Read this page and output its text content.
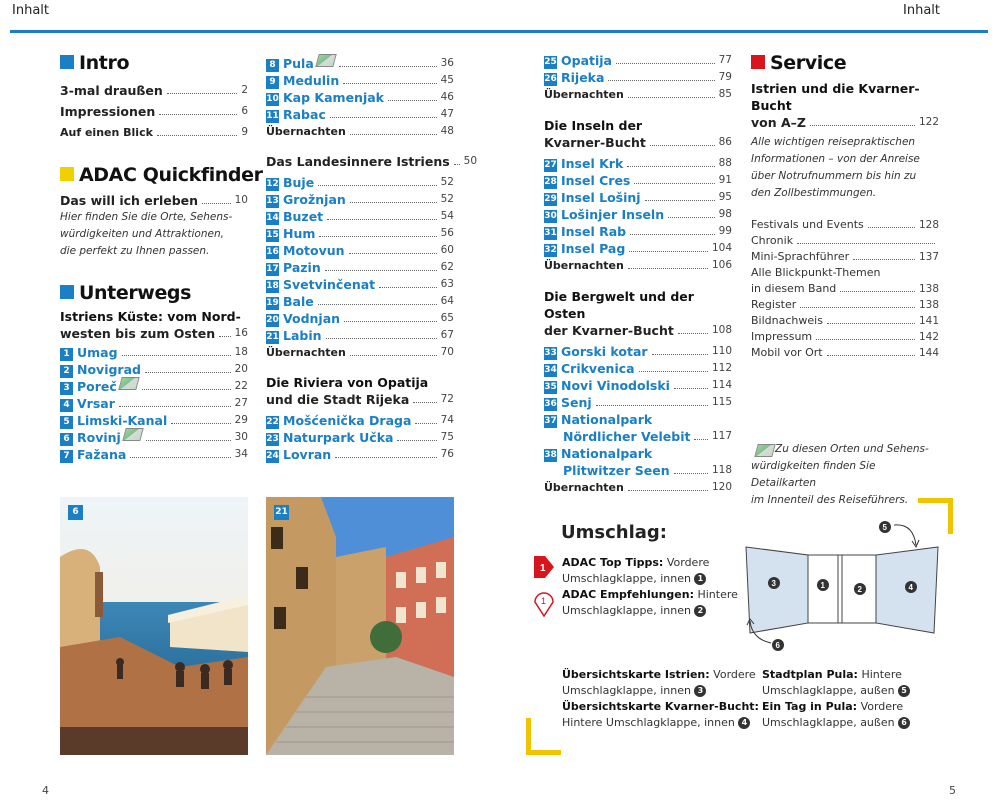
Inhalt	Inhalt
Intro
3-mal draußen	2
Impressionen	6
Auf einen Blick	9
ADAC Quickfinder
Das will ich erleben	10
Hier finden Sie die Orte, Sehens-
würdigkeiten und Attraktionen,
die perfekt zu Ihnen passen.
Unterwegs
Istriens Küste: vom Nord-
westen bis zum Osten 16
1 Umag	18
2 Novigrad	20
3 Poreč	22
4 Vrsar	27
5 Limski-Kanal	29
6 Rovinj	30
7 Fažana	34
8 Pula	36
9 Medulin	45
10 Kap Kamenjak	46
11 Rabac	47
Übernachten	48
Das Landesinnere Istriens 50
12 Buje	52
13 Grožnjan	52
14 Buzet	54
15 Hum	56
16 Motovun	60
17 Pazin	62
18 Svetvinčenat	63
19 Bale	64
20 Vodnjan	65
21 Labin	67
Übernachten	70
Die Riviera von Opatija
und die Stadt Rijeka	72
22 Mošćenička Draga	74
23 Naturpark Učka	75
24 Lovran	76
25 Opatija	77
26 Rijeka	79
Übernachten	85
Die Inseln der
Kvarner-Bucht	86
27 Insel Krk	88
28 Insel Cres	91
29 Insel Lošinj	95
30 Lošinjer Inseln	98
31 Insel Rab	99
32 Insel Pag	104
Übernachten	106
Die Bergwelt und der Osten
der Kvarner-Bucht	108
33 Gorski kotar	110
34 Crikvenica	112
35 Novi Vinodolski	114
36 Senj	115
37 Nationalpark
Nördlicher Velebit 117
38 Nationalpark
Plitwitzer Seen	118
Übernachten	120
Service
Istrien und die Kvarner-Bucht
von A–Z	122
Alle wichtigen reisepraktischen
Informationen – von der Anreise
über Notrufnummern bis hin zu
den Zollbestimmungen.
Festivals und Events	128
Chronik
Mini-Sprachführer	137
Alle Blickpunkt-Themen
in diesem Band	138
Register	138
Bildnachweis	141
Impressum	142
Mobil vor Ort	144
Zu diesen Orten und Sehens-
würdigkeiten finden Sie Detailkarten
im Innenteil des Reiseführers.
6	21
Umschlag:
1
1
ADAC Top Tipps: Vordere
Umschlagklappe, innen 1
ADAC Empfehlungen: Hintere
Umschlagklappe, innen 2
3	1	2	4
5
6
Übersichtskarte Istrien: Vordere
Umschlagklappe, innen 3
Übersichtskarte Kvarner-Bucht:
Hintere Umschlagklappe, innen 4
Stadtplan Pula: Hintere
Umschlagklappe, außen 5
Ein Tag in Pula: Vordere
Umschlagklappe, außen 6
4	5
